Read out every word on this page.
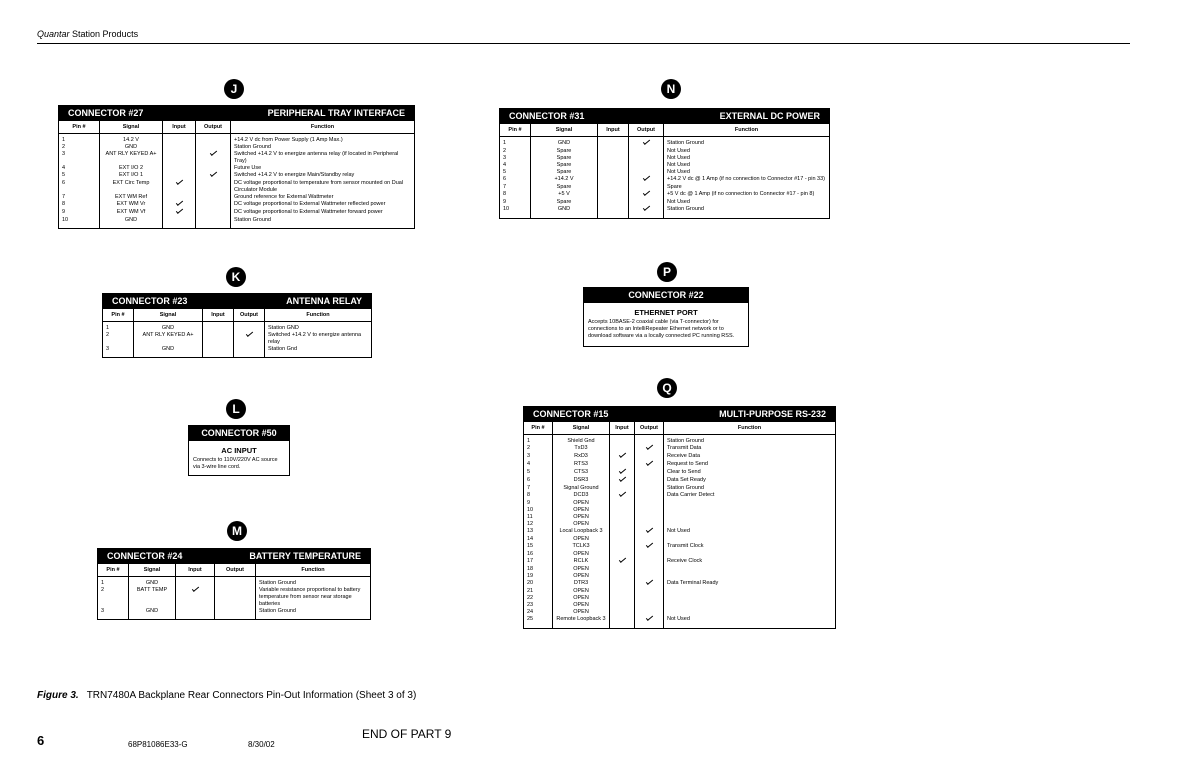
Quantar Station Products
J
CONNECTOR #27	PERIPHERAL TRAY INTERFACE
Pin #	Signal	Input	Output	Function
1	14.2 V			+14.2 V dc from Power Supply (1 Amp Max.)
2	GND			Station Ground
3	ANT RLY KEYED A+			Switched +14.2 V to energize antenna relay (if located in Peripheral Tray)
4	EXT I/O 2			Future Use
5	EXT I/O 1			Switched +14.2 V to energize Main/Standby relay
6	EXT Circ Temp			DC voltage proportional to temperature from sensor mounted on Dual Circulator Module
7	EXT WM Ref			Ground reference for External Wattmeter
8	EXT WM Vr			DC voltage proportional to External Wattmeter reflected power
9	EXT WM Vf			DC voltage proportional to External Wattmeter forward power
10	GND			Station Ground
N
CONNECTOR #31	EXTERNAL DC POWER
Pin #	Signal	Input	Output	Function
1	GND			Station Ground
2	Spare			Not Used
3	Spare			Not Used
4	Spare			Not Used
5	Spare			Not Used
6	+14.2 V			+14.2 V dc @ 1 Amp (if no connection to Connector #17 - pin 33)
7	Spare			Spare
8	+5 V			+5 V dc @ 1 Amp (if no connection to Connector #17 - pin 8)
9	Spare			Not Used
10	GND			Station Ground
K
CONNECTOR #23	ANTENNA RELAY
Pin #	Signal	Input	Output	Function
1	GND			Station GND
2	ANT RLY KEYED A+			Switched +14.2 V to energize antenna relay
3	GND			Station Gnd
P
CONNECTOR #22
ETHERNET PORT
Accepts 10BASE-2 coaxial cable (via T-connector) for connections to an IntelliRepeater Ethernet network or to download software via a locally connected PC running RSS.
L
CONNECTOR #50
AC INPUT
Connects to 110V/220V AC source via 3-wire line cord.
Q
CONNECTOR #15	MULTI-PURPOSE RS-232
Pin #	Signal	Input	Output	Function
1	Shield Gnd			Station Ground
2	TxD3			Transmit Data
3	RxD3			Receive Data
4	RTS3			Request to Send
5	CTS3			Clear to Send
6	DSR3			Data Set Ready
7	Signal Ground			Station Ground
8	DCD3			Data Carrier Detect
9	OPEN			
10	OPEN			
11	OPEN			
12	OPEN			
13	Local Loopback 3			Not Used
14	OPEN			
15	TCLK3			Transmit Clock
16	OPEN			
17	RCLK			Receive Clock
18	OPEN			
19	OPEN			
20	DTR3			Data Terminal Ready
21	OPEN			
22	OPEN			
23	OPEN			
24	OPEN			
25	Remote Loopback 3			Not Used
M
CONNECTOR #24	BATTERY TEMPERATURE
Pin #	Signal	Input	Output	Function
1	GND			Station Ground
2	BATT TEMP			Variable resistance proportional to battery temperature from sensor near storage batteries
3	GND			Station Ground
Figure 3. TRN7480A Backplane Rear Connectors Pin-Out Information (Sheet 3 of 3)
6	68P81086E33-G	8/30/02
END OF PART 9
